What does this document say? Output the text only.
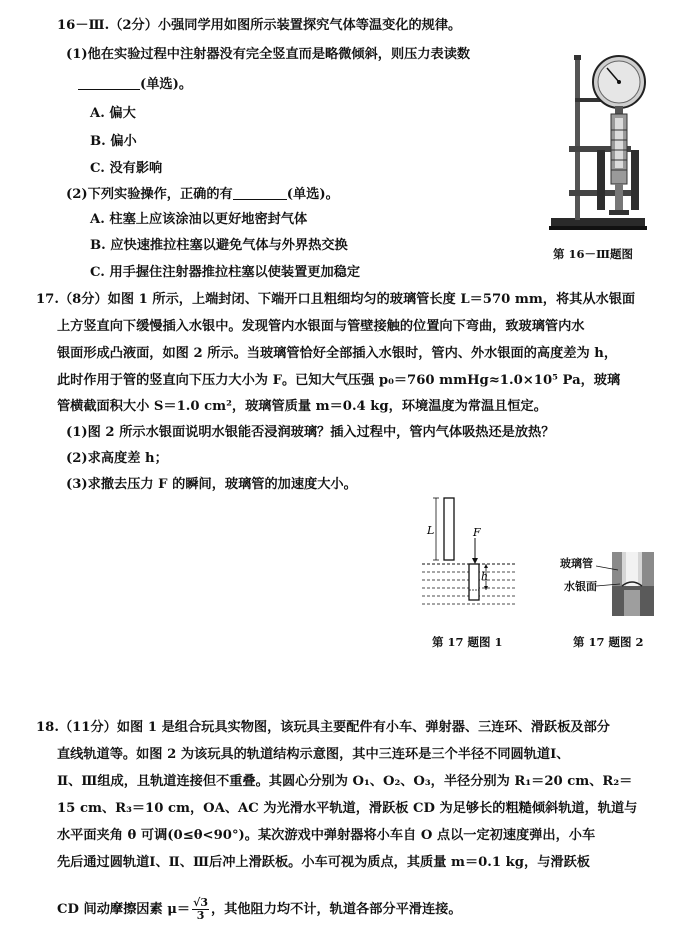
16－Ⅲ.（2分）小强同学用如图所示装置探究气体等温变化的规律。
(1)他在实验过程中注射器没有完全竖直而是略微倾斜，则压力表读数
(单选)。
A. 偏大
B. 偏小
C. 没有影响
(2)下列实验操作，正确的有	(单选)。
A. 柱塞上应该涂油以更好地密封气体
B. 应快速推拉柱塞以避免气体与外界热交换
C. 用手握住注射器推拉柱塞以使装置更加稳定
第 16－Ⅲ题图
17.（8分）如图 1 所示，上端封闭、下端开口且粗细均匀的玻璃管长度 L＝570 mm，将其从水银面
上方竖直向下缓慢插入水银中。发现管内水银面与管壁接触的位置向下弯曲，致玻璃管内水
银面形成凸液面，如图 2 所示。当玻璃管恰好全部插入水银时，管内、外水银面的高度差为 h，
此时作用于管的竖直向下压力大小为 F。已知大气压强 p₀＝760 mmHg≈1.0×10⁵ Pa，玻璃
管横截面积大小 S＝1.0 cm²，玻璃管质量 m＝0.4 kg，环境温度为常温且恒定。
(1)图 2 所示水银面说明水银能否浸润玻璃？插入过程中，管内气体吸热还是放热？
(2)求高度差 h；
(3)求撤去压力 F 的瞬间，玻璃管的加速度大小。
L	F
h
第 17 题图 1
玻璃管
水银面
第 17 题图 2
18.（11分）如图 1 是组合玩具实物图，该玩具主要配件有小车、弹射器、三连环、滑跃板及部分
直线轨道等。如图 2 为该玩具的轨道结构示意图，其中三连环是三个半径不同圆轨道Ⅰ、
Ⅱ、Ⅲ组成，且轨道连接但不重叠。其圆心分别为 O₁、O₂、O₃，半径分别为 R₁＝20 cm、R₂＝
15 cm、R₃＝10 cm，OA、AC 为光滑水平轨道，滑跃板 CD 为足够长的粗糙倾斜轨道，轨道与
水平面夹角 θ 可调(0≤θ<90°)。某次游戏中弹射器将小车自 O 点以一定初速度弹出，小车
先后通过圆轨道Ⅰ、Ⅱ、Ⅲ后冲上滑跃板。小车可视为质点，其质量 m＝0.1 kg，与滑跃板
CD 间动摩擦因素 $\mu= \frac{√3}{3}$ ，其他阻力均不计，轨道各部分平滑连接。
